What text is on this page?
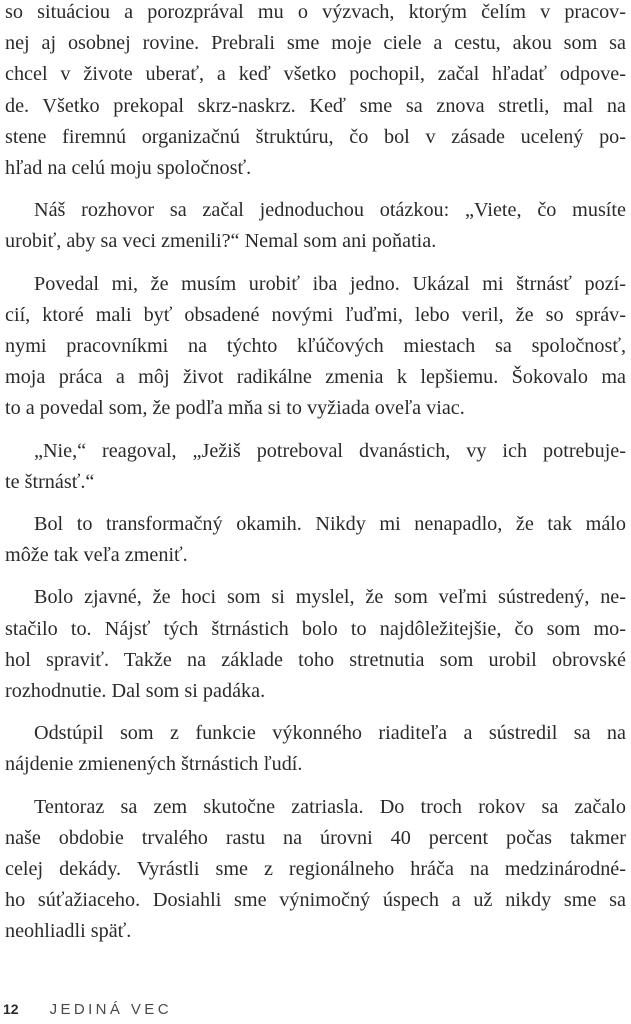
so situáciou a porozprával mu o výzvach, ktorým čelím v pracov-
nej aj osobnej rovine. Prebrali sme moje ciele a cestu, akou som sa
chcel v živote uberať, a keď všetko pochopil, začal hľadať odpove-
de. Všetko prekopal skrz-naskrz. Keď sme sa znova stretli, mal na
stene firemnú organizačnú štruktúru, čo bol v zásade ucelený po-
hľad na celú moju spoločnosť.

Náš rozhovor sa začal jednoduchou otázkou: „Viete, čo musíte
urobiť, aby sa veci zmenili?“ Nemal som ani poňatia.

Povedal mi, že musím urobiť iba jedno. Ukázal mi štrnásť pozí-
cií, ktoré mali byť obsadené novými ľuďmi, lebo veril, že so správ-
nymi pracovníkmi na týchto kľúčových miestach sa spoločnosť,
moja práca a môj život radikálne zmenia k lepšiemu. Šokovalo ma
to a povedal som, že podľa mňa si to vyžiada oveľa viac.

„Nie,“ reagoval, „Ježiš potreboval dvanástich, vy ich potrebuje-
te štrnásť.“

Bol to transformačný okamih. Nikdy mi nenapadlo, že tak málo
môže tak veľa zmeniť.

Bolo zjavné, že hoci som si myslel, že som veľmi sústredený, ne-
stačilo to. Nájsť tých štrnástich bolo to najdôležitejšie, čo som mo-
hol spraviť. Takže na základe toho stretnutia som urobil obrovské
rozhodnutie. Dal som si padáka.

Odstúpil som z funkcie výkonného riaditeľa a sústredil sa na
nájdenie zmienených štrnástich ľudí.

Tentoraz sa zem skutočne zatriasla. Do troch rokov sa začalo
naše obdobie trvalého rastu na úrovni 40 percent počas takmer
celej dekády. Vyrástli sme z regionálneho hráča na medzinárodné-
ho súťažiaceho. Dosiahli sme výnimočný úspech a už nikdy sme sa
neohliadli späť.

12 JEDINÁ VEC
